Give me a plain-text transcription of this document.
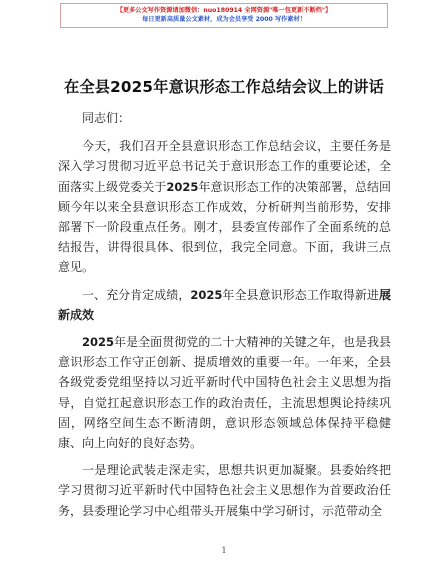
【更多公文写作资源请加微信：nuo180914 全网资源"唯一包更新不断档"】
每日更新高质量公文素材，成为会员享受 2000 写作素材！
在全县2025年意识形态工作总结会议上的讲话

同志们：

今天，我们召开全县意识形态工作总结会议，主要任务是深入学习贯彻习近平总书记关于意识形态工作的重要论述，全面落实上级党委关于2025年意识形态工作的决策部署，总结回顾今年以来全县意识形态工作成效，分析研判当前形势，安排部署下一阶段重点任务。刚才，县委宣传部作了全面系统的总结报告，讲得很具体、很到位，我完全同意。下面，我讲三点意见。

一、充分肯定成绩，2025年全县意识形态工作取得新进展新成效

2025年是全面贯彻党的二十大精神的关键之年，也是我县意识形态工作守正创新、提质增效的重要一年。一年来，全县各级党委党组坚持以习近平新时代中国特色社会主义思想为指导，自觉扛起意识形态工作的政治责任，主流思想舆论持续巩固，网络空间生态不断清朗，意识形态领域总体保持平稳健康、向上向好的良好态势。

一是理论武装走深走实，思想共识更加凝聚。县委始终把学习贯彻习近平新时代中国特色社会主义思想作为首要政治任务，县委理论学习中心组带头开展集中学习研讨，示范带动全

1
